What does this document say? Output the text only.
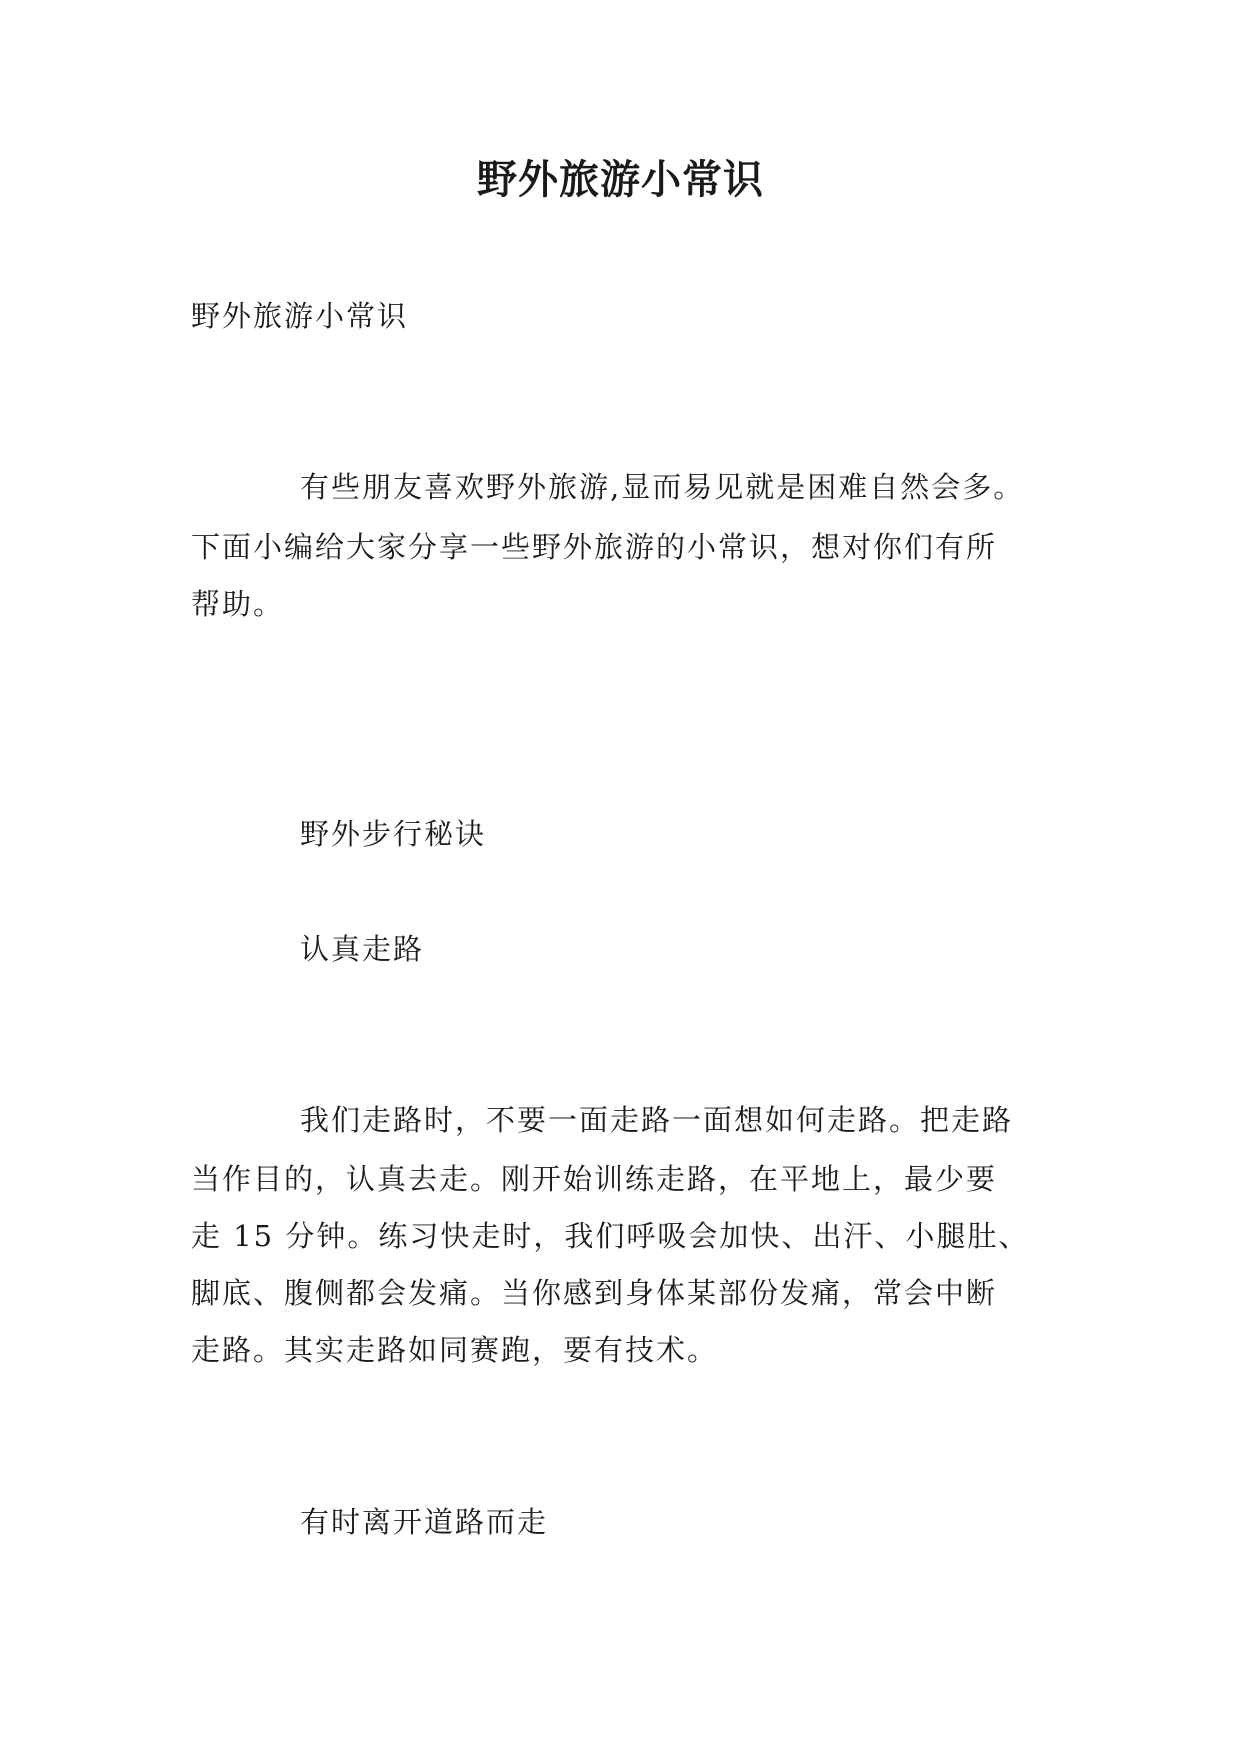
野外旅游小常识

野外旅游小常识

有些朋友喜欢野外旅游,显而易见就是困难自然会多。

下面小编给大家分享一些野外旅游的小常识，想对你们有所

帮助。

野外步行秘诀

认真走路

我们走路时，不要一面走路一面想如何走路。把走路

当作目的，认真去走。刚开始训练走路，在平地上，最少要

走 15 分钟。练习快走时，我们呼吸会加快、出汗、小腿肚、

脚底、腹侧都会发痛。当你感到身体某部份发痛，常会中断

走路。其实走路如同赛跑，要有技术。

有时离开道路而走
